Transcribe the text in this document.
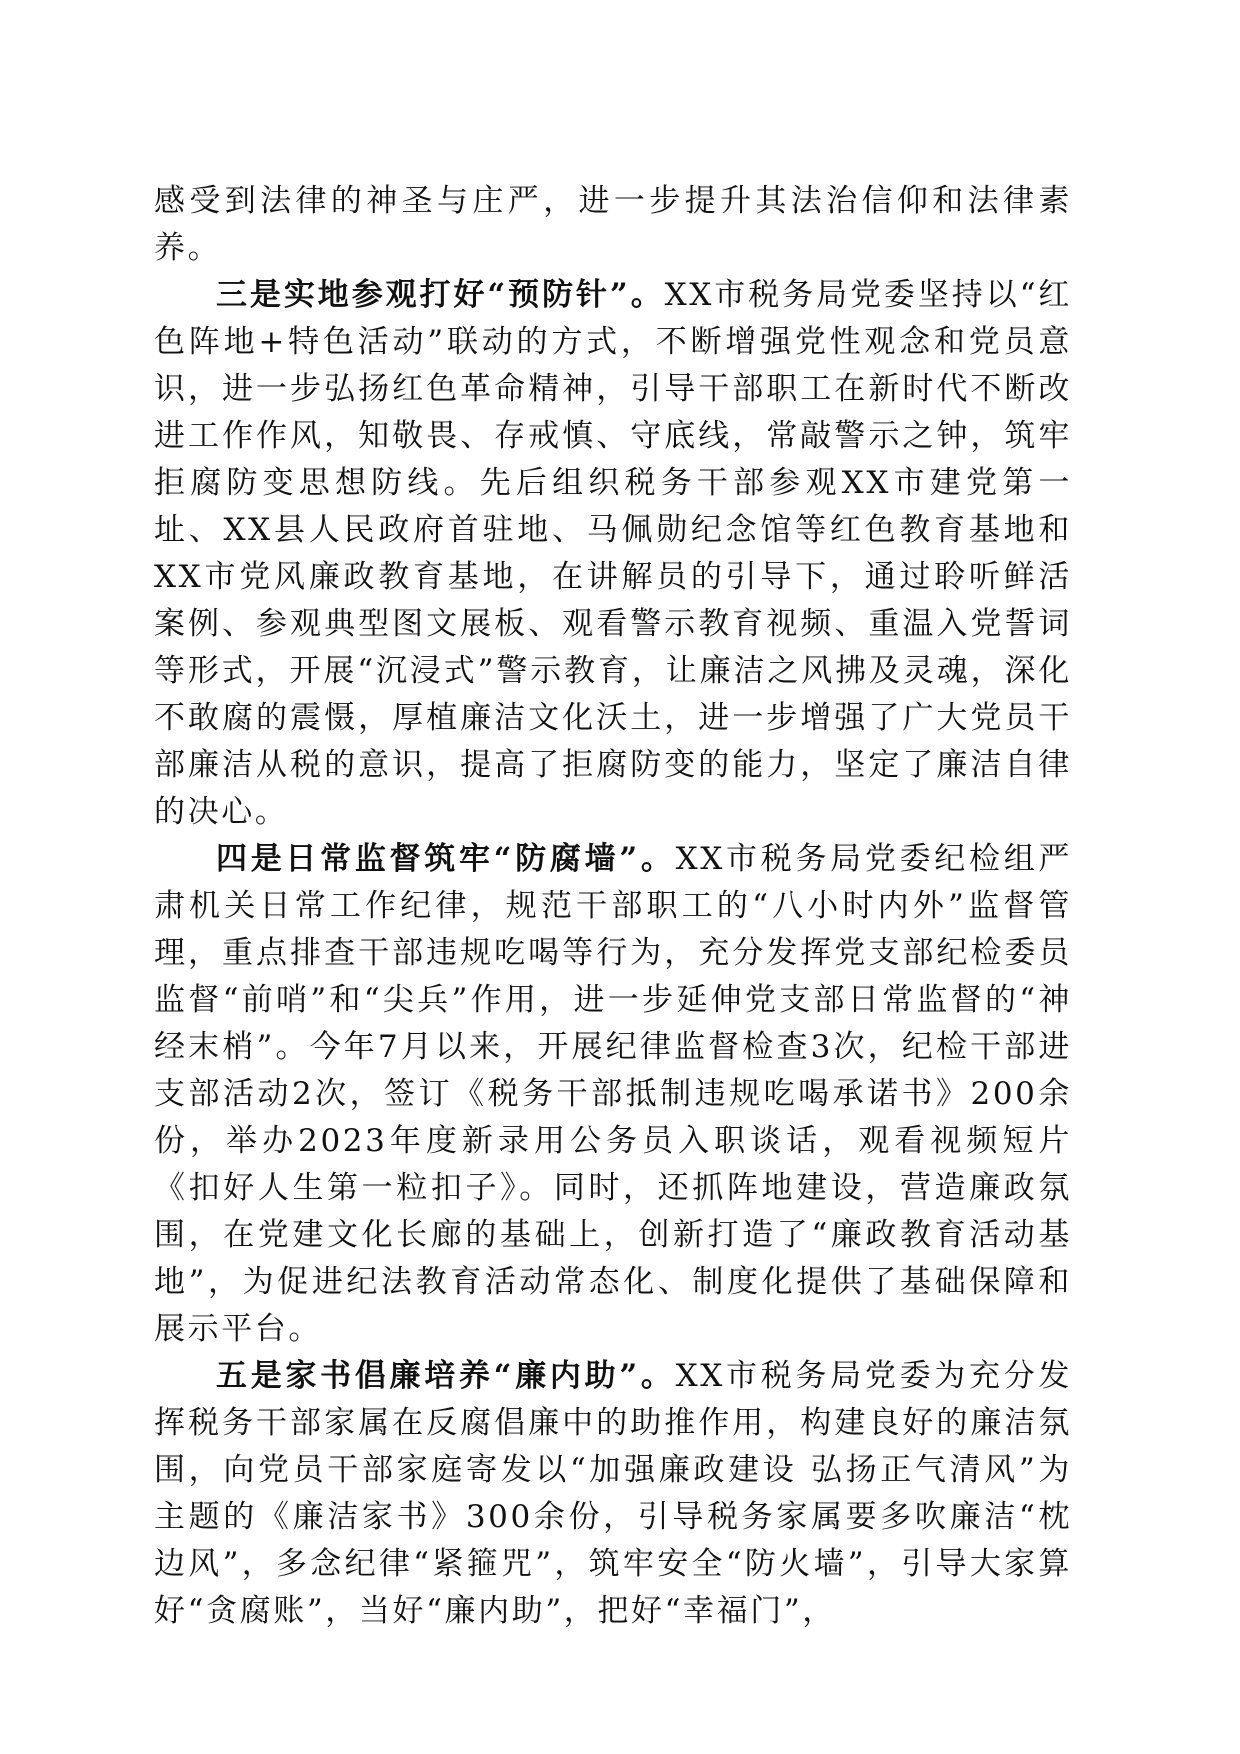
感受到法律的神圣与庄严，进一步提升其法治信仰和法律素养。

三是实地参观打好“预防针”。XX市税务局党委坚持以“红色阵地+特色活动”联动的方式，不断增强党性观念和党员意识，进一步弘扬红色革命精神，引导干部职工在新时代不断改进工作作风，知敬畏、存戒慎、守底线，常敲警示之钟，筑牢拒腐防变思想防线。先后组织税务干部参观XX市建党第一址、XX县人民政府首驻地、马佩勋纪念馆等红色教育基地和XX市党风廉政教育基地，在讲解员的引导下，通过聆听鲜活案例、参观典型图文展板、观看警示教育视频、重温入党誓词等形式，开展“沉浸式”警示教育，让廉洁之风拂及灵魂，深化不敢腐的震慑，厚植廉洁文化沃土，进一步增强了广大党员干部廉洁从税的意识，提高了拒腐防变的能力，坚定了廉洁自律的决心。

四是日常监督筑牢“防腐墙”。XX市税务局党委纪检组严肃机关日常工作纪律，规范干部职工的“八小时内外”监督管理，重点排查干部违规吃喝等行为，充分发挥党支部纪检委员监督“前哨”和“尖兵”作用，进一步延伸党支部日常监督的“神经末梢”。今年7月以来，开展纪律监督检查3次，纪检干部进支部活动2次，签订《税务干部抵制违规吃喝承诺书》200余份，举办2023年度新录用公务员入职谈话，观看视频短片《扣好人生第一粒扣子》。同时，还抓阵地建设，营造廉政氛围，在党建文化长廊的基础上，创新打造了“廉政教育活动基地”，为促进纪法教育活动常态化、制度化提供了基础保障和展示平台。

五是家书倡廉培养“廉内助”。XX市税务局党委为充分发挥税务干部家属在反腐倡廉中的助推作用，构建良好的廉洁氛围，向党员干部家庭寄发以“加强廉政建设 弘扬正气清风”为主题的《廉洁家书》300余份，引导税务家属要多吹廉洁“枕边风”，多念纪律“紧箍咒”，筑牢安全“防火墙”，引导大家算好“贪腐账”，当好“廉内助”，把好“幸福门”，
